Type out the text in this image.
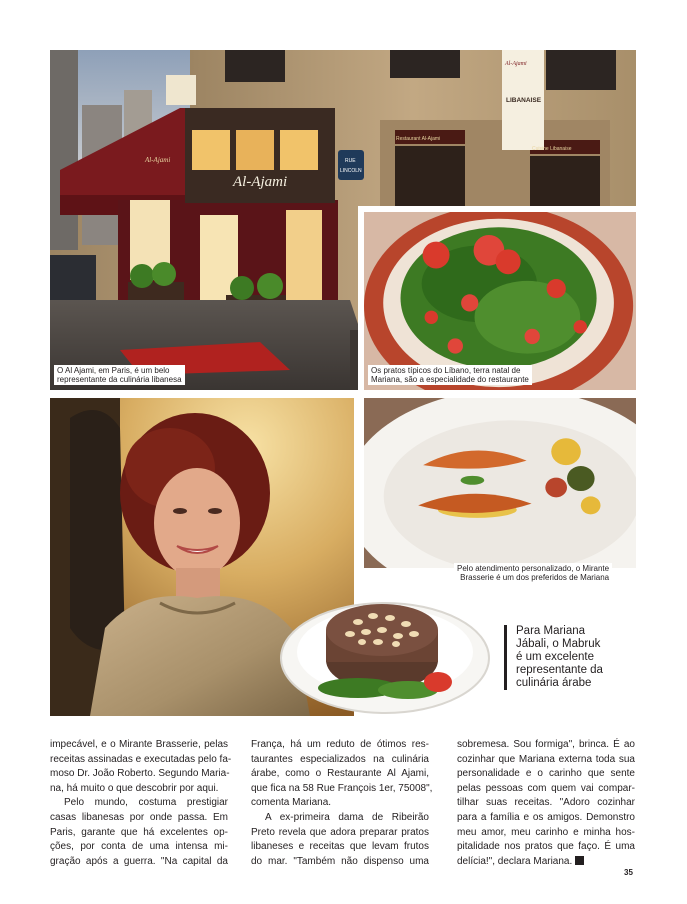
Al-Ajami
Al-Ajami
Al-Ajami
LIBANAISE
Restaurant Al-Ajami
Cuisine Libanaise
RUE
LINCOLN
O Al Ajami, em Paris, é um belo
representante da culinária libanesa
Os pratos típicos do Líbano, terra natal de
Mariana, são a especialidade do restaurante
Pelo atendimento personalizado, o Mirante
Brasserie é um dos preferidos de Mariana
Para Mariana
Jábali, o Mabruk
é um excelente
representante da
culinária árabe
impecável, e o Mirante Brasserie, pelas
receitas assinadas e executadas pelo fa-
moso Dr. João Roberto. Segundo Maria-
na, há muito o que descobrir por aqui.
Pelo mundo, costuma prestigiar
casas libanesas por onde passa. Em
Paris, garante que há excelentes op-
ções, por conta de uma intensa mi-
gração após a guerra. "Na capital da
França, há um reduto de ótimos res-
taurantes especializados na culinária
árabe, como o Restaurante Al Ajami,
que fica na 58 Rue François 1er, 75008",
comenta Mariana.
A ex-primeira dama de Ribeirão
Preto revela que adora preparar pratos
libaneses e receitas que levam frutos
do mar. "Também não dispenso uma
sobremesa. Sou formiga", brinca. É ao
cozinhar que Mariana externa toda sua
personalidade e o carinho que sente
pelas pessoas com quem vai compar-
tilhar suas receitas. "Adoro cozinhar
para a família e os amigos. Demonstro
meu amor, meu carinho e minha hos-
pitalidade nos pratos que faço. É uma
delícia!", declara Mariana.
35
